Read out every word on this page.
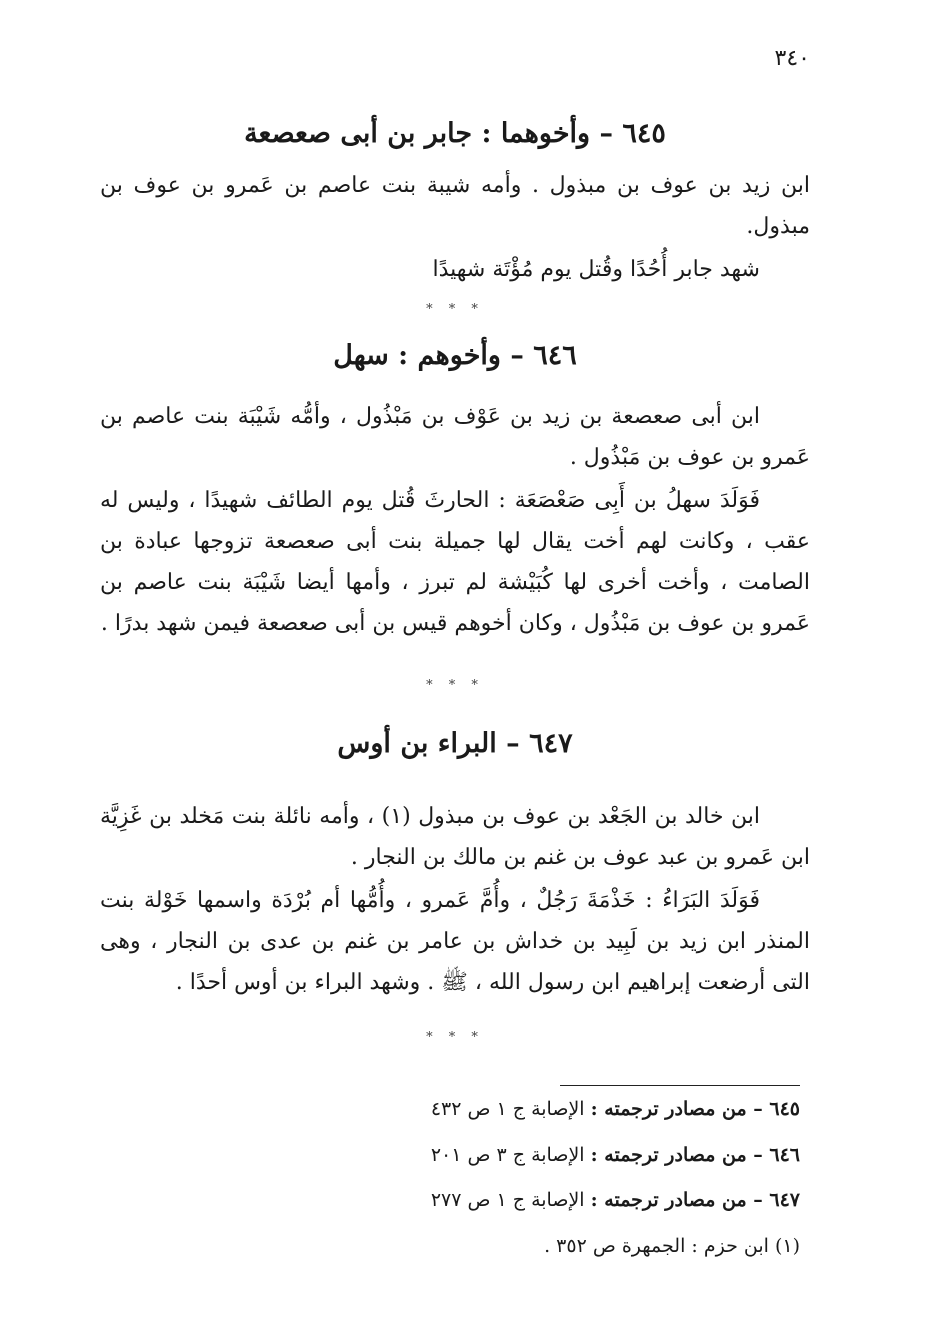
٣٤٠
٦٤٥ – وأخوهما : جابر بن أبى صعصعة
ابن زيد بن عوف بن مبذول . وأمه شيبة بنت عاصم بن عَمرو بن عوف بن مبذول.
شهد جابر أُحُدًا وقُتل يوم مُؤْتَة شهيدًا
* * *
٦٤٦ – وأخوهم : سهل
ابن أبى صعصعة بن زيد بن عَوْف بن مَبْذُول ، وأمُّه شَيْبَة بنت عاصم بن عَمرو بن عوف بن مَبْذُول .
فَوَلَدَ سهلُ بن أَبِى صَعْصَعَة : الحارثَ قُتل يوم الطائف شهيدًا ، وليس له عقب ، وكانت لهم أخت يقال لها جميلة بنت أبى صعصعة تزوجها عبادة بن الصامت ، وأخت أخرى لها كُبَيْشة لم تبرز ، وأمها أيضا شَيْبَة بنت عاصم بن عَمرو بن عوف بن مَبْذُول ، وكان أخوهم قيس بن أبى صعصعة فيمن شهد بدرًا .
* * *
٦٤٧ – البراء بن أوس
ابن خالد بن الجَعْد بن عوف بن مبذول (١) ، وأمه نائلة بنت مَخلد بن غَزِيَّة ابن عَمرو بن عبد عوف بن غنم بن مالك بن النجار .
فَوَلَدَ البَرَاءُ : خَذْمَةَ رَجُلٌ ، وأُمَّ عَمرو ، وأُمُّها أم بُرْدَة واسمها خَوْلة بنت المنذر ابن زيد بن لَبِيد بن خداش بن عامر بن غنم بن عدى بن النجار ، وهى التى أرضعت إبراهيم ابن رسول الله ، ﷺ . وشهد البراء بن أوس أحدًا .
* * *
٦٤٥ – من مصادر ترجمته : الإصابة ج ١ ص ٤٣٢
٦٤٦ – من مصادر ترجمته : الإصابة ج ٣ ص ٢٠١
٦٤٧ – من مصادر ترجمته : الإصابة ج ١ ص ٢٧٧
(١) ابن حزم : الجمهرة ص ٣٥٢ .
